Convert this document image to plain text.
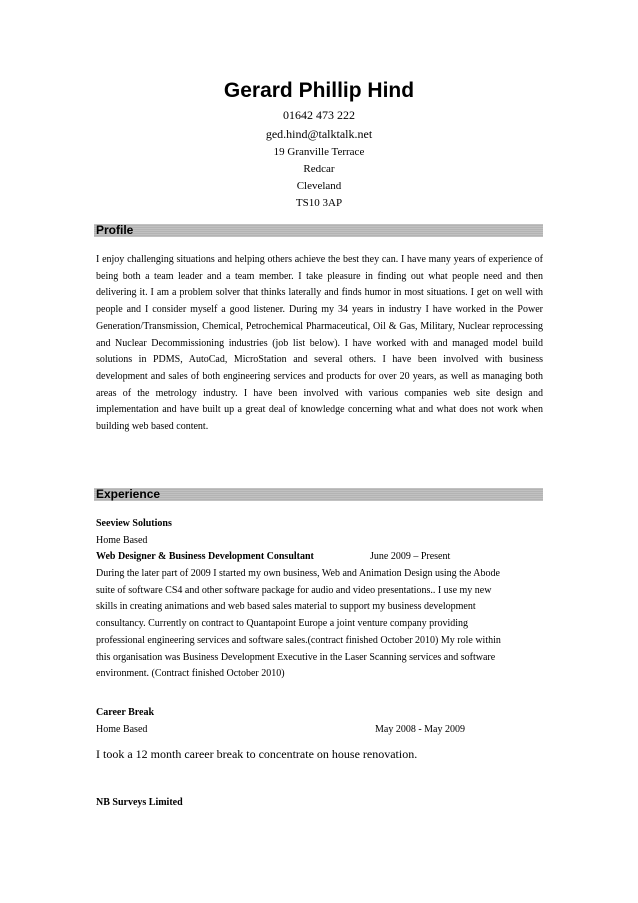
Gerard Phillip Hind
01642 473 222
ged.hind@talktalk.net
19 Granville Terrace
Redcar
Cleveland
TS10 3AP
Profile

I enjoy challenging situations and helping others achieve the best they can. I have many years of experience of being both a team leader and a team member. I take pleasure in finding out what people need and then delivering it. I am a problem solver that thinks laterally and finds humor in most situations. I get on well with people and I consider myself a good listener. During my 34 years in industry I have worked in the Power Generation/Transmission, Chemical, Petrochemical Pharmaceutical, Oil & Gas, Military, Nuclear reprocessing and Nuclear Decommissioning industries (job list below). I have worked with and managed model build solutions in PDMS, AutoCad, MicroStation and several others. I have been involved with business development and sales of both engineering services and products for over 20 years, as well as managing both areas of the metrology industry. I have been involved with various companies web site design and implementation and have built up a great deal of knowledge concerning what and what does not work when building web based content.

Experience
Seeview Solutions
Home Based
Web Designer & Business Development Consultant	June 2009 – Present
During the later part of 2009 I started my own business, Web and Animation Design using the Abode
suite of software CS4 and other software package for audio and video presentations.. I use my new
skills in creating animations and web based sales material to support my business development
consultancy. Currently on contract to Quantapoint Europe a joint venture company providing
professional engineering services and software sales.(contract finished October 2010) My role within
this organisation was Business Development Executive in the Laser Scanning services and software
environment. (Contract finished October 2010)
Career Break
Home Based	May 2008 - May 2009

I took a 12 month career break to concentrate on house renovation.

NB Surveys Limited
